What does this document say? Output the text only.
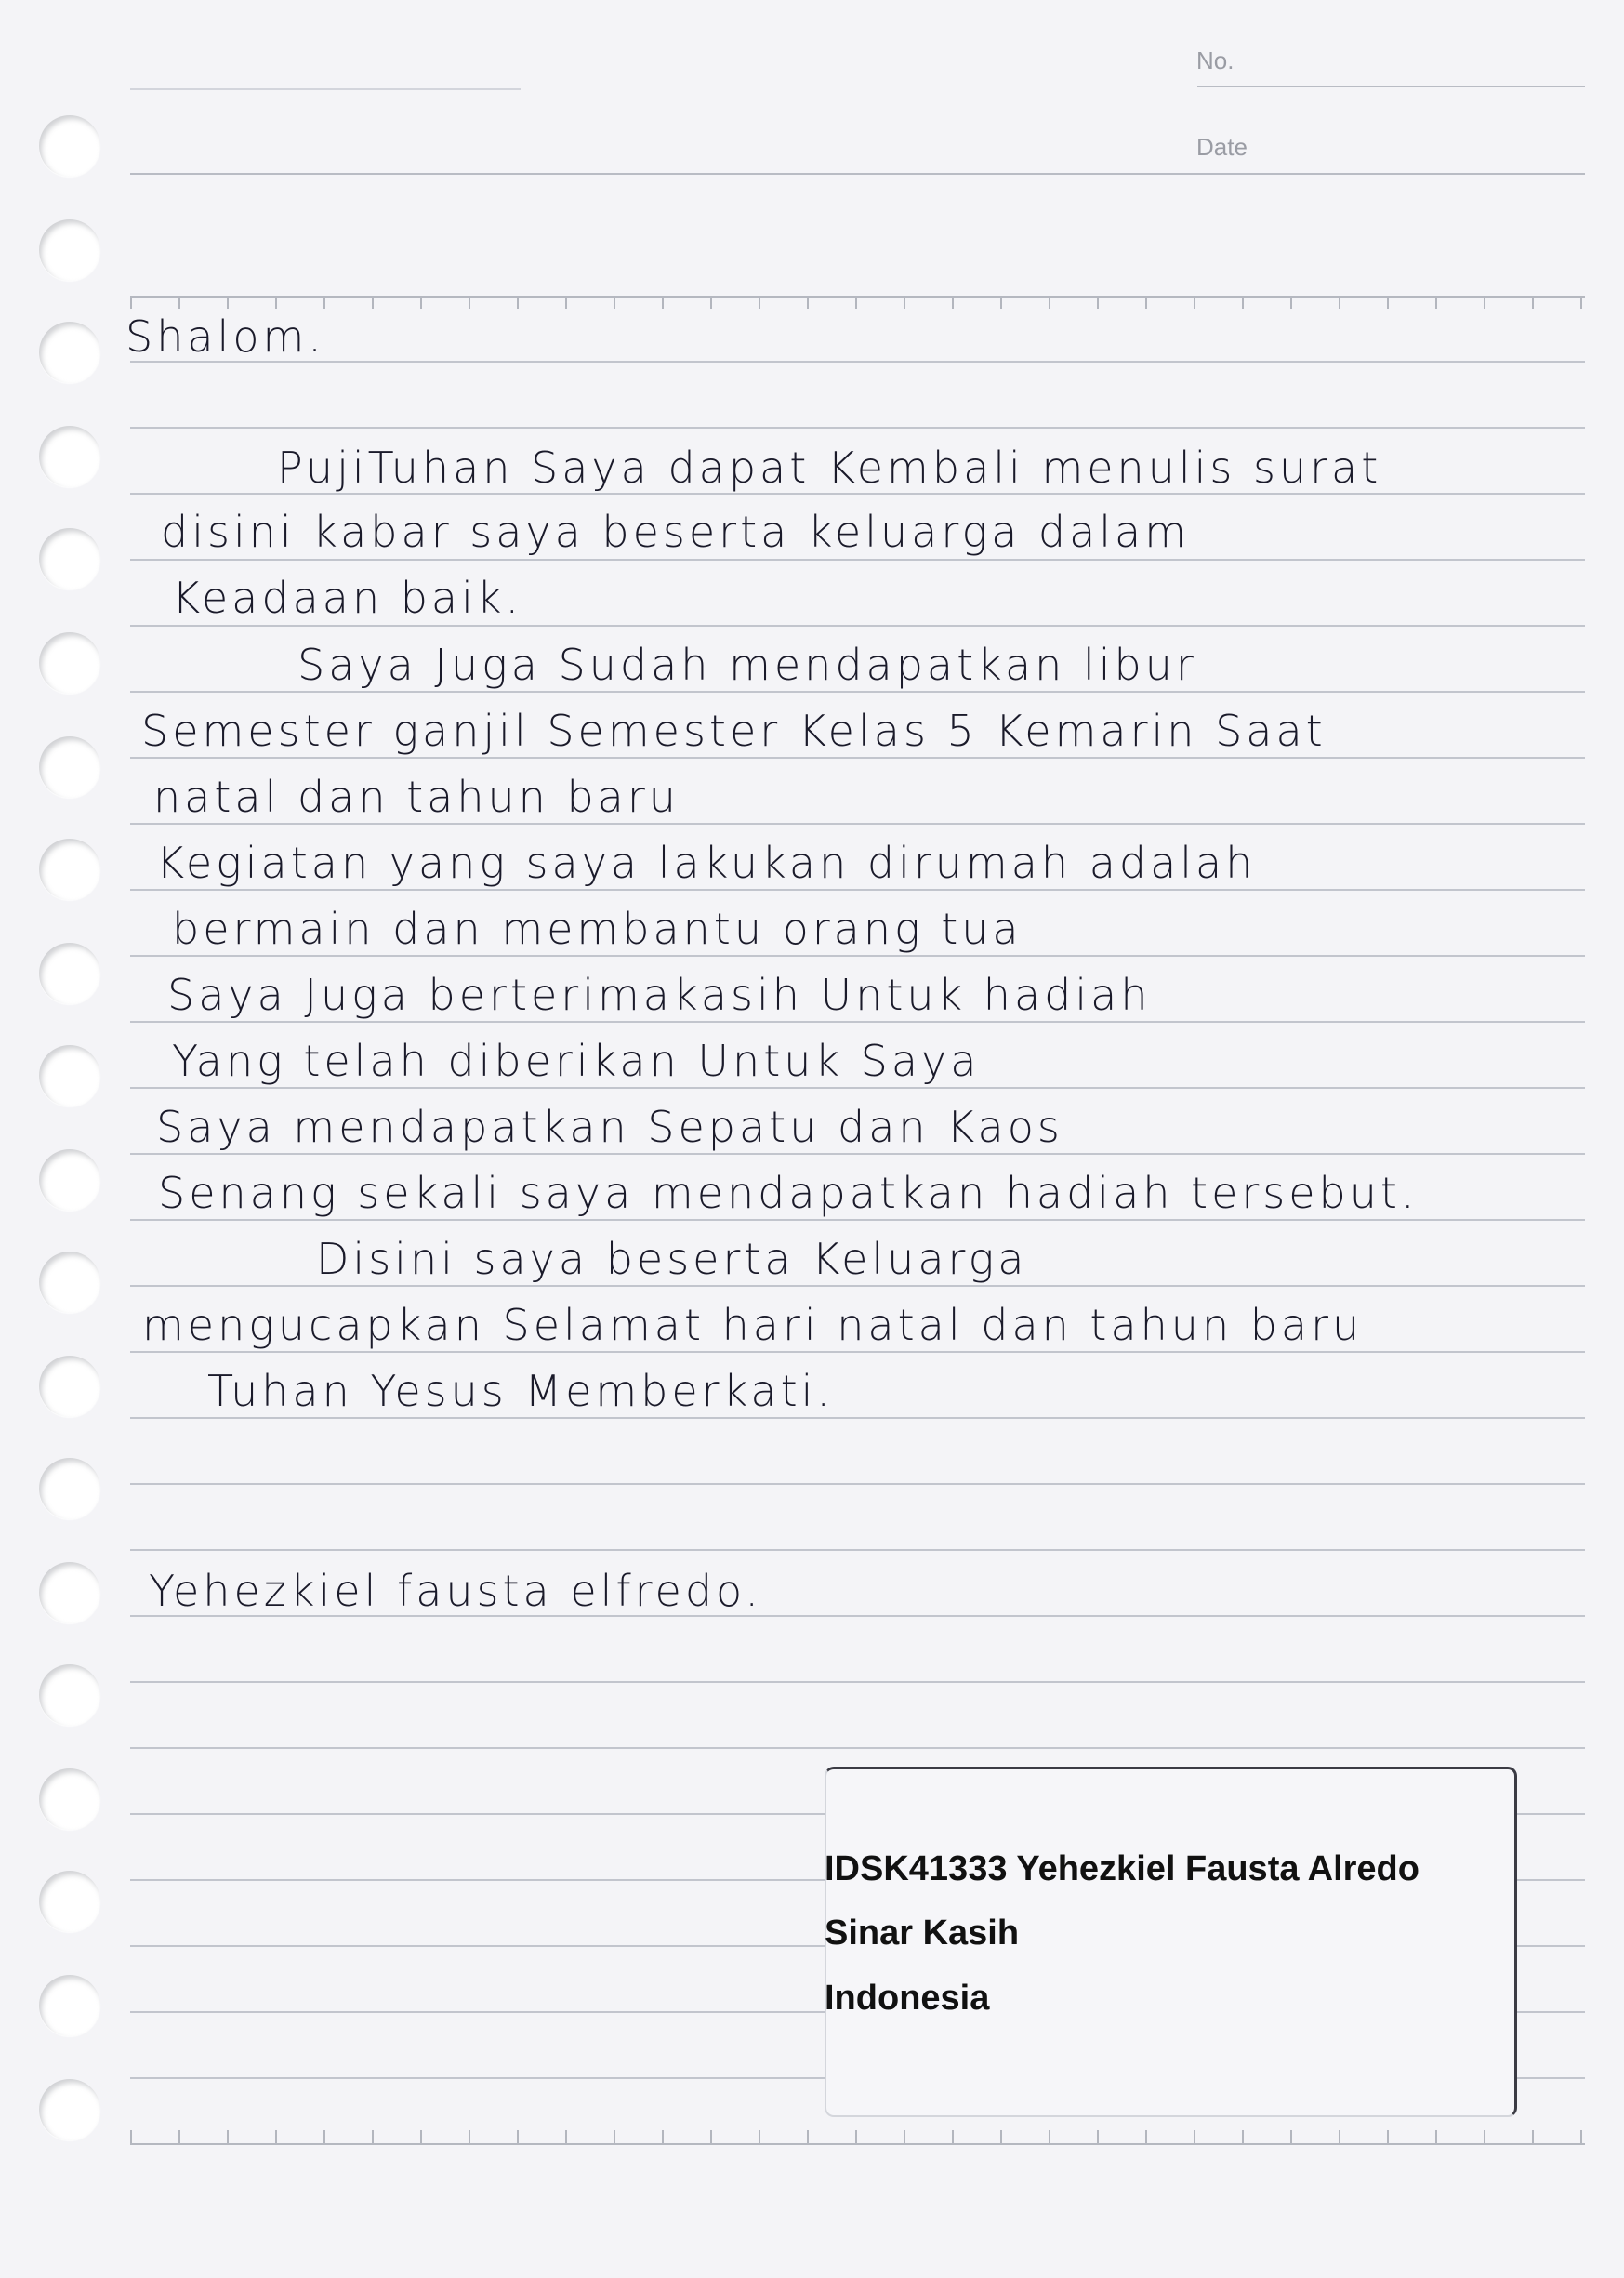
No.
Date
Shalom.
PujiTuhan Saya dapat Kembali menulis surat
disini kabar saya beserta keluarga dalam
Keadaan baik.
Saya Juga Sudah mendapatkan libur
Semester ganjil Semester Kelas 5 Kemarin Saat
natal dan tahun baru
Kegiatan yang saya lakukan dirumah adalah
bermain dan membantu orang tua
Saya Juga berterimakasih Untuk hadiah
Yang telah diberikan Untuk Saya
Saya mendapatkan Sepatu dan Kaos
Senang sekali saya mendapatkan hadiah tersebut.
Disini saya beserta Keluarga
mengucapkan Selamat hari natal dan tahun baru
Tuhan Yesus Memberkati.
Yehezkiel fausta elfredo.
IDSK41333 Yehezkiel Fausta Alredo
Sinar Kasih
Indonesia
